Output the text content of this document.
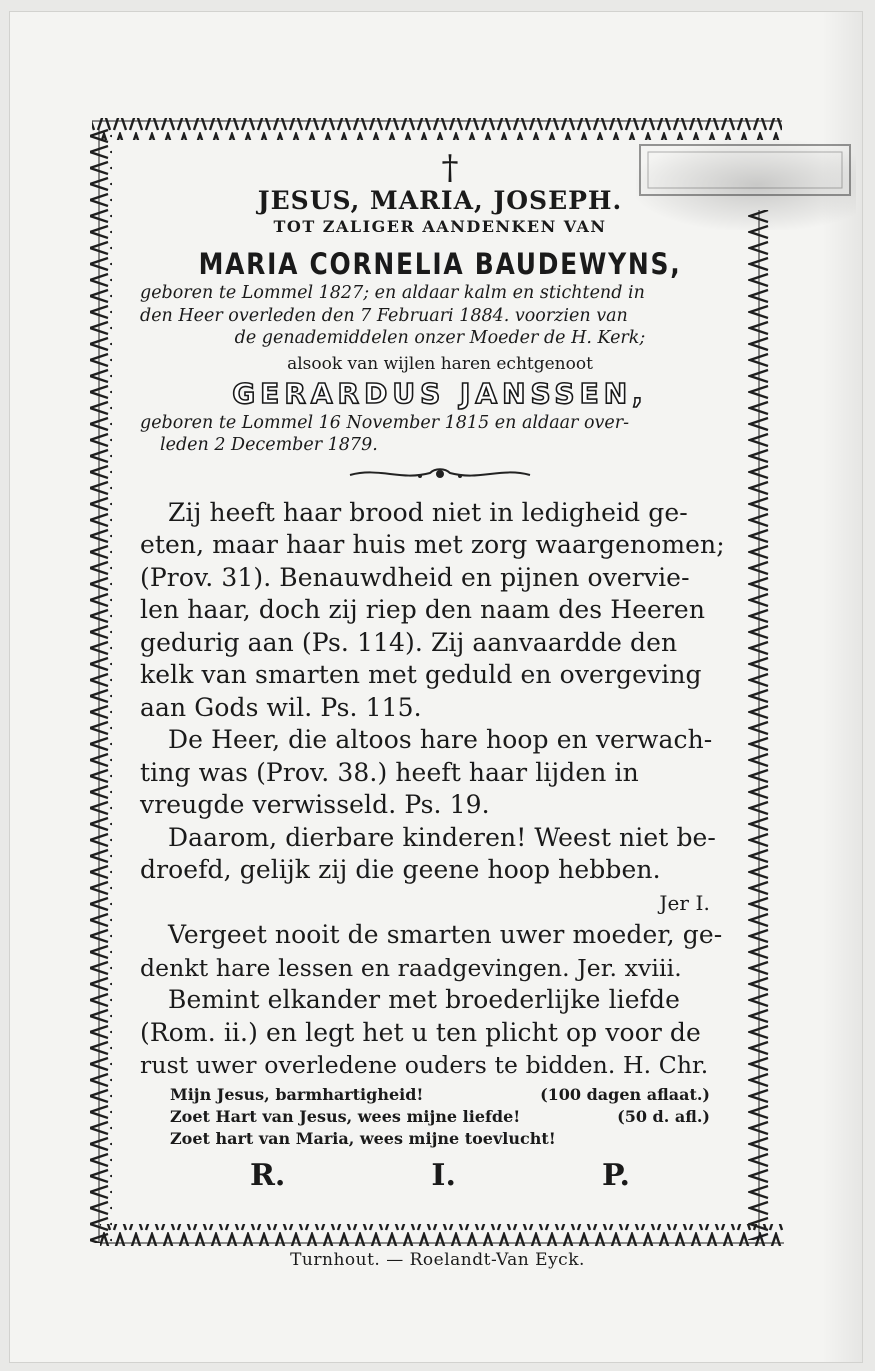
†
JESUS, MARIA, JOSEPH.
TOT ZALIGER AANDENKEN VAN
MARIA CORNELIA BAUDEWYNS,
geboren te Lommel 1827; en aldaar kalm en stichtend in
den Heer overleden den 7 Februari 1884. voorzien van
de genademiddelen onzer Moeder de H. Kerk;
alsook van wijlen haren echtgenoot
GERARDUS JANSSEN,
geboren te Lommel 16 November 1815 en aldaar over-
leden 2 December 1879.
Zij heeft haar brood niet in ledigheid ge-
eten, maar haar huis met zorg waargenomen;
(Prov. 31). Benauwdheid en pijnen overvie-
len haar, doch zij riep den naam des Heeren
gedurig aan (Ps. 114). Zij aanvaardde den
kelk van smarten met geduld en overgeving
aan Gods wil. Ps. 115.
De Heer, die altoos hare hoop en verwach-
ting was (Prov. 38.) heeft haar lijden in
vreugde verwisseld. Ps. 19.
Daarom, dierbare kinderen! Weest niet be-
droefd, gelijk zij die geene hoop hebben.
Jer I.
Vergeet nooit de smarten uwer moeder, ge-
denkt hare lessen en raadgevingen. Jer. xviii.
Bemint elkander met broederlijke liefde
(Rom. ii.) en legt het u ten plicht op voor de
rust uwer overledene ouders te bidden. H. Chr.
Mijn Jesus, barmhartigheid!	(100 dagen aflaat.)
Zoet Hart van Jesus, wees mijne liefde!	(50 d. afl.)
Zoet hart van Maria, wees mijne toevlucht!
R.	I.	P.
Turnhout. — Roelandt-Van Eyck.
